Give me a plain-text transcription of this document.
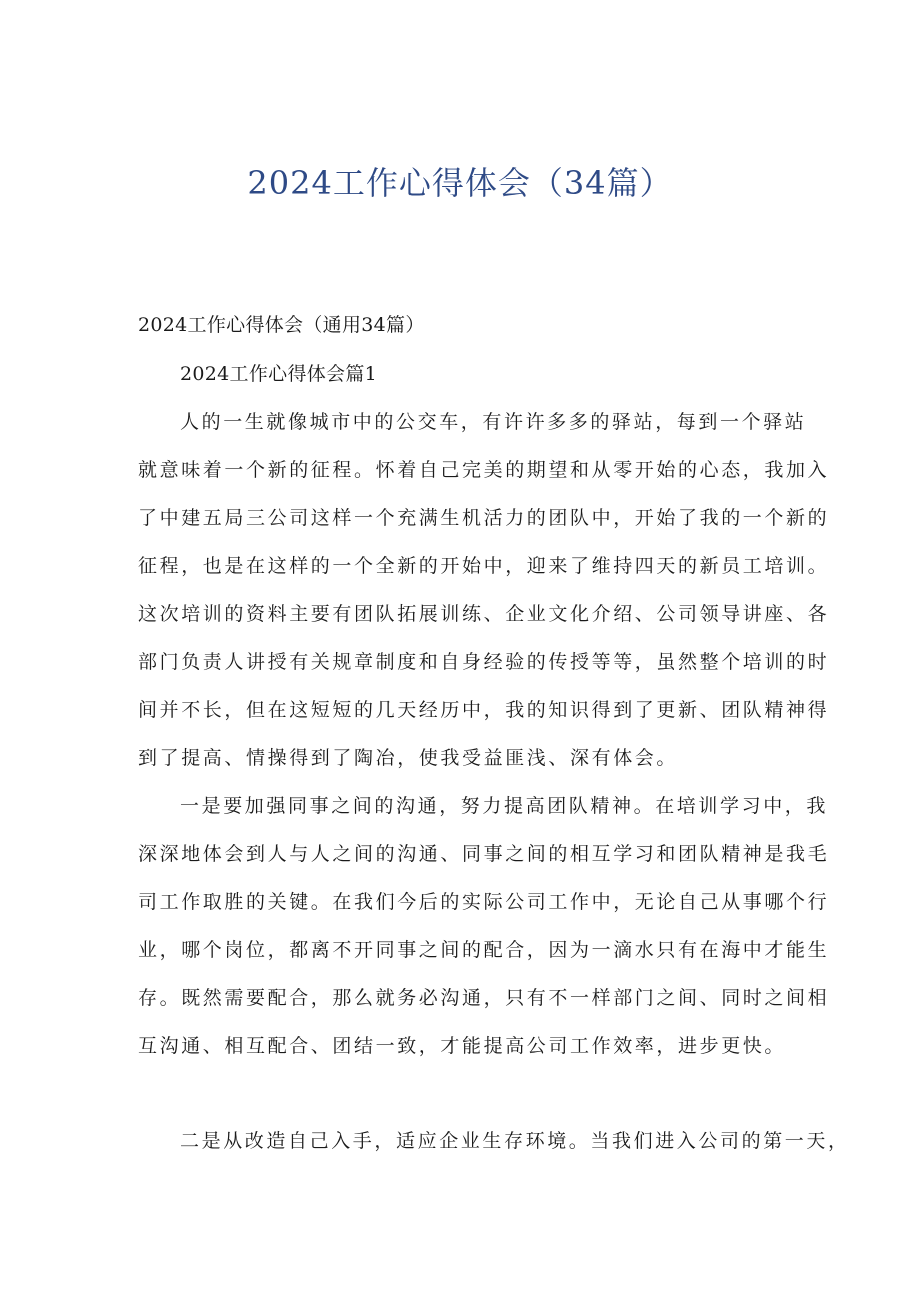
2024工作心得体会（34篇）
2024工作心得体会（通用34篇）
2024工作心得体会篇1
人的一生就像城市中的公交车，有许许多多的驿站，每到一个驿站
就意味着一个新的征程。怀着自己完美的期望和从零开始的心态，我加入
了中建五局三公司这样一个充满生机活力的团队中，开始了我的一个新的
征程，也是在这样的一个全新的开始中，迎来了维持四天的新员工培训。
这次培训的资料主要有团队拓展训练、企业文化介绍、公司领导讲座、各
部门负责人讲授有关规章制度和自身经验的传授等等，虽然整个培训的时
间并不长，但在这短短的几天经历中，我的知识得到了更新、团队精神得
到了提高、情操得到了陶冶，使我受益匪浅、深有体会。
一是要加强同事之间的沟通，努力提高团队精神。在培训学习中，我
深深地体会到人与人之间的沟通、同事之间的相互学习和团队精神是我毛
司工作取胜的关键。在我们今后的实际公司工作中，无论自己从事哪个行
业，哪个岗位，都离不开同事之间的配合，因为一滴水只有在海中才能生
存。既然需要配合，那么就务必沟通，只有不一样部门之间、同时之间相
互沟通、相互配合、团结一致，才能提高公司工作效率，进步更快。
二是从改造自己入手，适应企业生存环境。当我们进入公司的第一天，
